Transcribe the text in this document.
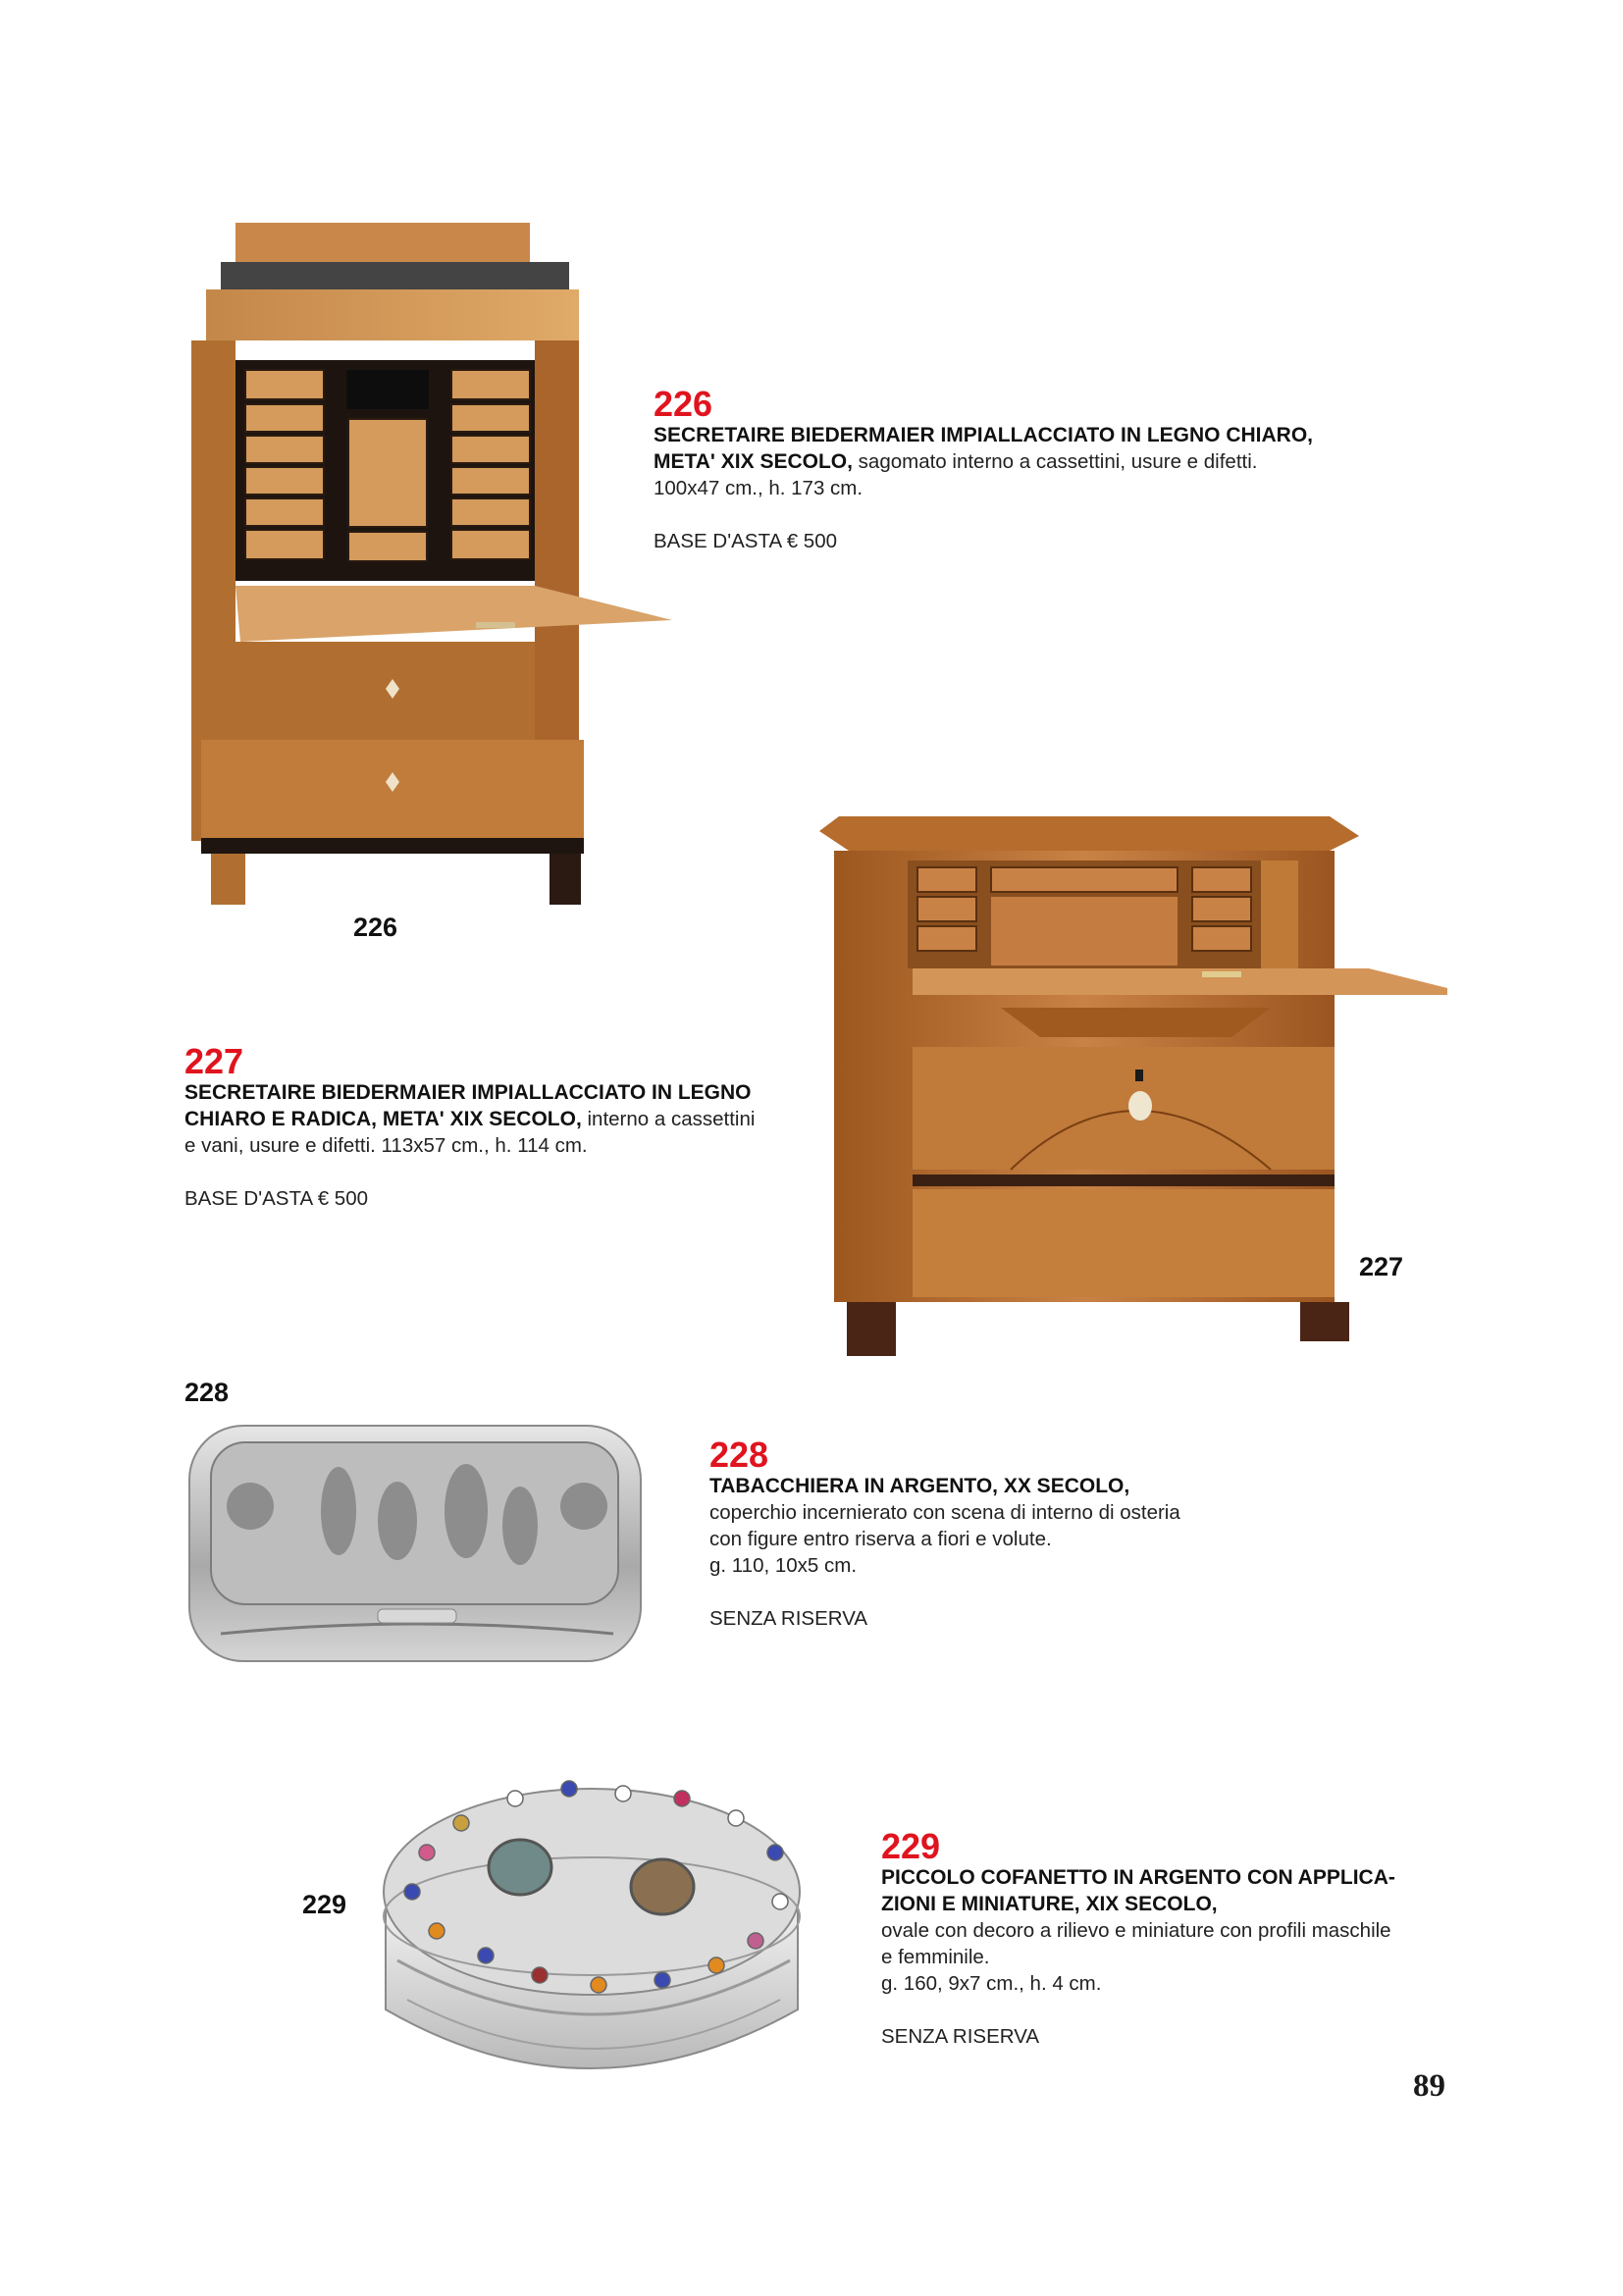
226
226
SECRETAIRE BIEDERMAIER IMPIALLACCIATO IN LEGNO CHIARO,
META' XIX SECOLO, sagomato interno a cassettini, usure e difetti.
100x47 cm., h. 173 cm.
BASE D'ASTA € 500
227
227
SECRETAIRE BIEDERMAIER IMPIALLACCIATO IN LEGNO
CHIARO E RADICA, META' XIX SECOLO, interno a cassettini
e vani, usure e difetti. 113x57 cm., h. 114 cm.
BASE D'ASTA € 500
228
228
TABACCHIERA IN ARGENTO, XX SECOLO,
coperchio incernierato con scena di interno di osteria
con figure entro riserva a fiori e volute.
g. 110, 10x5 cm.
SENZA RISERVA
229
229
PICCOLO COFANETTO IN ARGENTO CON APPLICA-
ZIONI E MINIATURE, XIX SECOLO,
ovale con decoro a rilievo e miniature con profili maschile
e femminile.
g. 160, 9x7 cm., h. 4 cm.
SENZA RISERVA
89
